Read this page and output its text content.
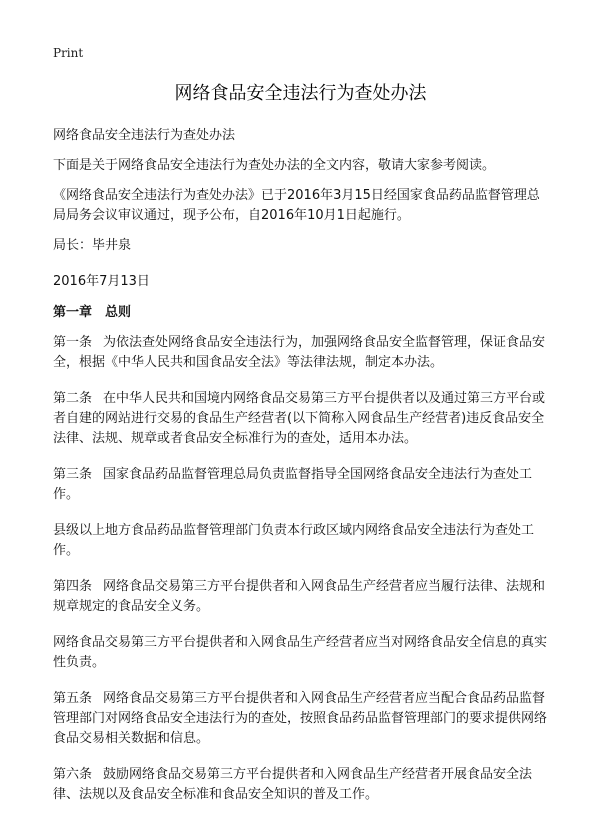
Print
网络食品安全违法行为查处办法

网络食品安全违法行为查处办法

下面是关于网络食品安全违法行为查处办法的全文内容，敬请大家参考阅读。

《网络食品安全违法行为查处办法》已于2016年3月15日经国家食品药品监督管理总局局务会议审议通过，现予公布，自2016年10月1日起施行。

局长：毕井泉

2016年7月13日

第一章　总则

第一条 为依法查处网络食品安全违法行为，加强网络食品安全监督管理，保证食品安全，根据《中华人民共和国食品安全法》等法律法规，制定本办法。

第二条 在中华人民共和国境内网络食品交易第三方平台提供者以及通过第三方平台或者自建的网站进行交易的食品生产经营者(以下简称入网食品生产经营者)违反食品安全法律、法规、规章或者食品安全标准行为的查处，适用本办法。

第三条 国家食品药品监督管理总局负责监督指导全国网络食品安全违法行为查处工作。

县级以上地方食品药品监督管理部门负责本行政区域内网络食品安全违法行为查处工作。

第四条 网络食品交易第三方平台提供者和入网食品生产经营者应当履行法律、法规和规章规定的食品安全义务。

网络食品交易第三方平台提供者和入网食品生产经营者应当对网络食品安全信息的真实性负责。

第五条 网络食品交易第三方平台提供者和入网食品生产经营者应当配合食品药品监督管理部门对网络食品安全违法行为的查处，按照食品药品监督管理部门的要求提供网络食品交易相关数据和信息。

第六条 鼓励网络食品交易第三方平台提供者和入网食品生产经营者开展食品安全法律、法规以及食品安全标准和食品安全知识的普及工作。
